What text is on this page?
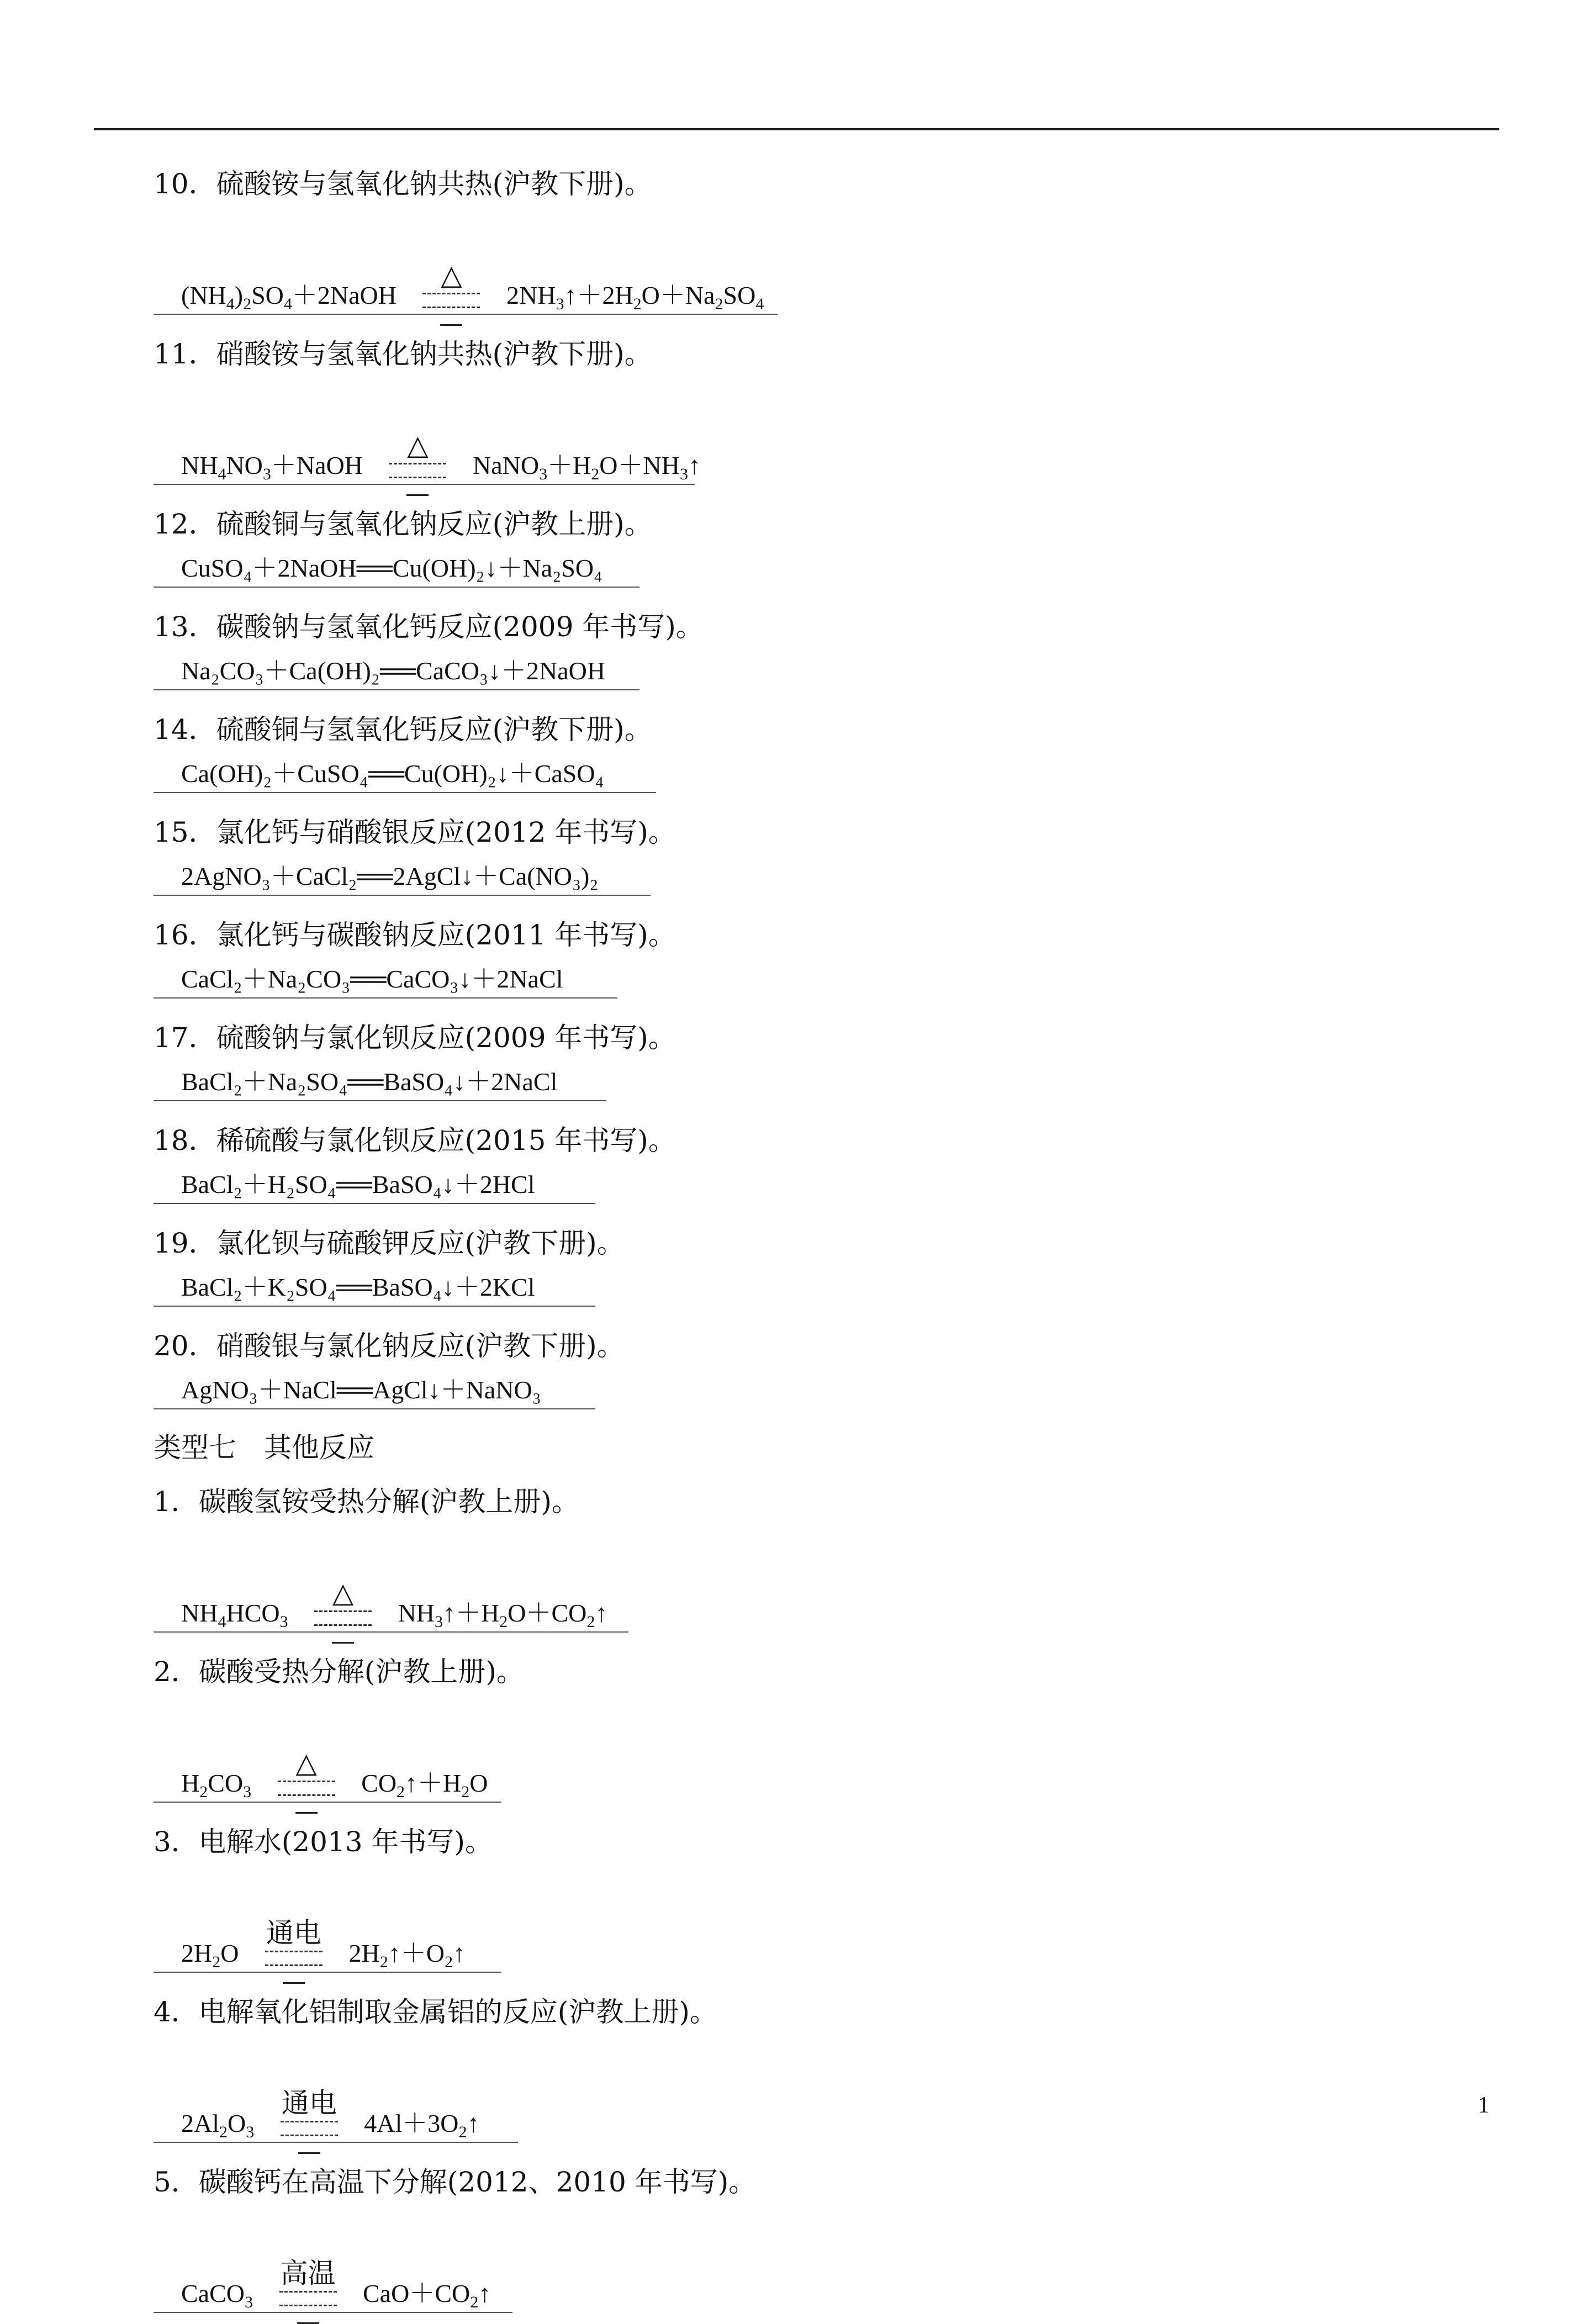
10．硫酸铵与氢氧化钠共热(沪教下册)。
$(NH_4)_2SO_4+2NaOH$
△
$2NH_3↑+2H_2O+Na_2SO_4$
11．硝酸铵与氢氧化钠共热(沪教下册)。
$NH_4NO_3+NaOH$
△
$NaNO_3+H_2O+NH_3↑$
12．硫酸铜与氢氧化钠反应(沪教上册)。
CuSO₄＋2NaOH══Cu(OH)₂↓＋Na₂SO₄
13．碳酸钠与氢氧化钙反应(2009 年书写)。
Na₂CO₃＋Ca(OH)₂══CaCO₃↓＋2NaOH
14．硫酸铜与氢氧化钙反应(沪教下册)。
Ca(OH)₂＋CuSO₄══Cu(OH)₂↓＋CaSO₄
15．氯化钙与硝酸银反应(2012 年书写)。
2AgNO₃＋CaCl₂══2AgCl↓＋Ca(NO₃)₂
16．氯化钙与碳酸钠反应(2011 年书写)。
CaCl₂＋Na₂CO₃══CaCO₃↓＋2NaCl
17．硫酸钠与氯化钡反应(2009 年书写)。
BaCl₂＋Na₂SO₄══BaSO₄↓＋2NaCl
18．稀硫酸与氯化钡反应(2015 年书写)。
BaCl₂＋H₂SO₄══BaSO₄↓＋2HCl
19．氯化钡与硫酸钾反应(沪教下册)。
BaCl₂＋K₂SO₄══BaSO₄↓＋2KCl
20．硝酸银与氯化钠反应(沪教下册)。
AgNO₃＋NaCl══AgCl↓＋NaNO₃
类型七　其他反应
1．碳酸氢铵受热分解(沪教上册)。
$NH_4HCO_3$
△
$NH_3↑+H_2O+CO_2↑$
2．碳酸受热分解(沪教上册)。
$H_2CO_3$
△
$CO_2↑+H_2O$
3．电解水(2013 年书写)。
$2H_2O$
通电
$2H_2↑+O_2↑$
4．电解氧化铝制取金属铝的反应(沪教上册)。
$2Al_2O_3$
通电
$4Al+3O_2↑$
5．碳酸钙在高温下分解(2012、2010 年书写)。
CaCO$_3$
高温
$CaO+CO_2↑$
1
